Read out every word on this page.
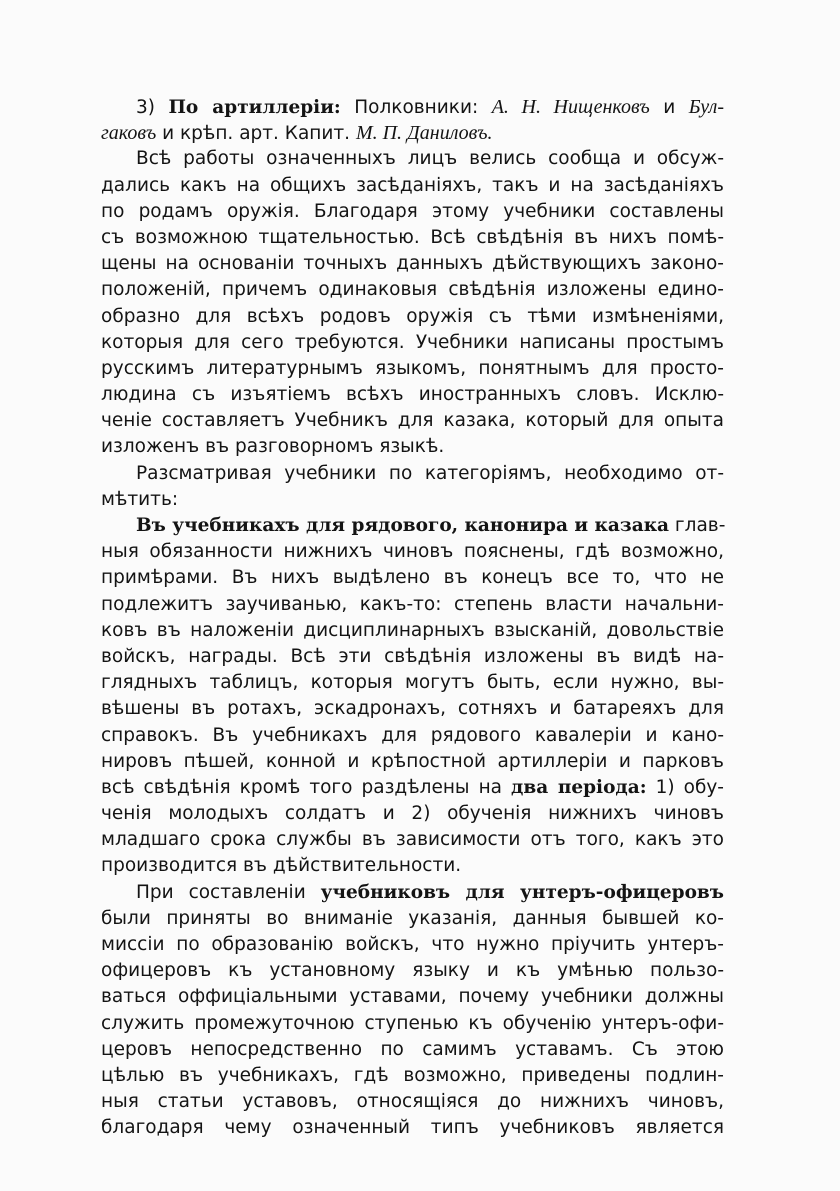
3) По артиллеріи: Полковники: А. Н. Нищенковъ и Бул-
гаковъ и крѣп. арт. Капит. М. П. Даниловъ.
Всѣ работы означенныхъ лицъ велись сообща и обсуж-
дались какъ на общихъ засѣданіяхъ, такъ и на засѣданіяхъ
по родамъ оружія. Благодаря этому учебники составлены
съ возможною тщательностью. Всѣ свѣдѣнія въ нихъ помѣ-
щены на основаніи точныхъ данныхъ дѣйствующихъ законо-
положеній, причемъ одинаковыя свѣдѣнія изложены едино-
образно для всѣхъ родовъ оружія съ тѣми измѣненіями,
которыя для сего требуются. Учебники написаны простымъ
русскимъ литературнымъ языкомъ, понятнымъ для просто-
людина съ изъятіемъ всѣхъ иностранныхъ словъ. Исклю-
ченіе составляетъ Учебникъ для казака, который для опыта
изложенъ въ разговорномъ языкѣ.
Разсматривая учебники по категоріямъ, необходимо от-
мѣтить:
Въ учебникахъ для рядового, канонира и казака глав-
ныя обязанности нижнихъ чиновъ пояснены, гдѣ возможно,
примѣрами. Въ нихъ выдѣлено въ конецъ все то, что не
подлежитъ заучиванью, какъ-то: степень власти начальни-
ковъ въ наложеніи дисциплинарныхъ взысканій, довольствіе
войскъ, награды. Всѣ эти свѣдѣнія изложены въ видѣ на-
глядныхъ таблицъ, которыя могутъ быть, если нужно, вы-
вѣшены въ ротахъ, эскадронахъ, сотняхъ и батареяхъ для
справокъ. Въ учебникахъ для рядового кавалеріи и кано-
нировъ пѣшей, конной и крѣпостной артиллеріи и парковъ
всѣ свѣдѣнія кромѣ того раздѣлены на два періода: 1) обу-
ченія молодыхъ солдатъ и 2) обученія нижнихъ чиновъ
младшаго срока службы въ зависимости отъ того, какъ это
производится въ дѣйствительности.
При составленіи учебниковъ для унтеръ-офицеровъ
были приняты во вниманіе указанія, данныя бывшей ко-
миссіи по образованію войскъ, что нужно пріучить унтеръ-
офицеровъ къ установному языку и къ умѣнью пользо-
ваться оффиціальными уставами, почему учебники должны
служить промежуточною ступенью къ обученію унтеръ-офи-
церовъ непосредственно по самимъ уставамъ. Съ этою
цѣлью въ учебникахъ, гдѣ возможно, приведены подлин-
ныя статьи уставовъ, относящіяся до нижнихъ чиновъ,
благодаря чему означенный типъ учебниковъ является
